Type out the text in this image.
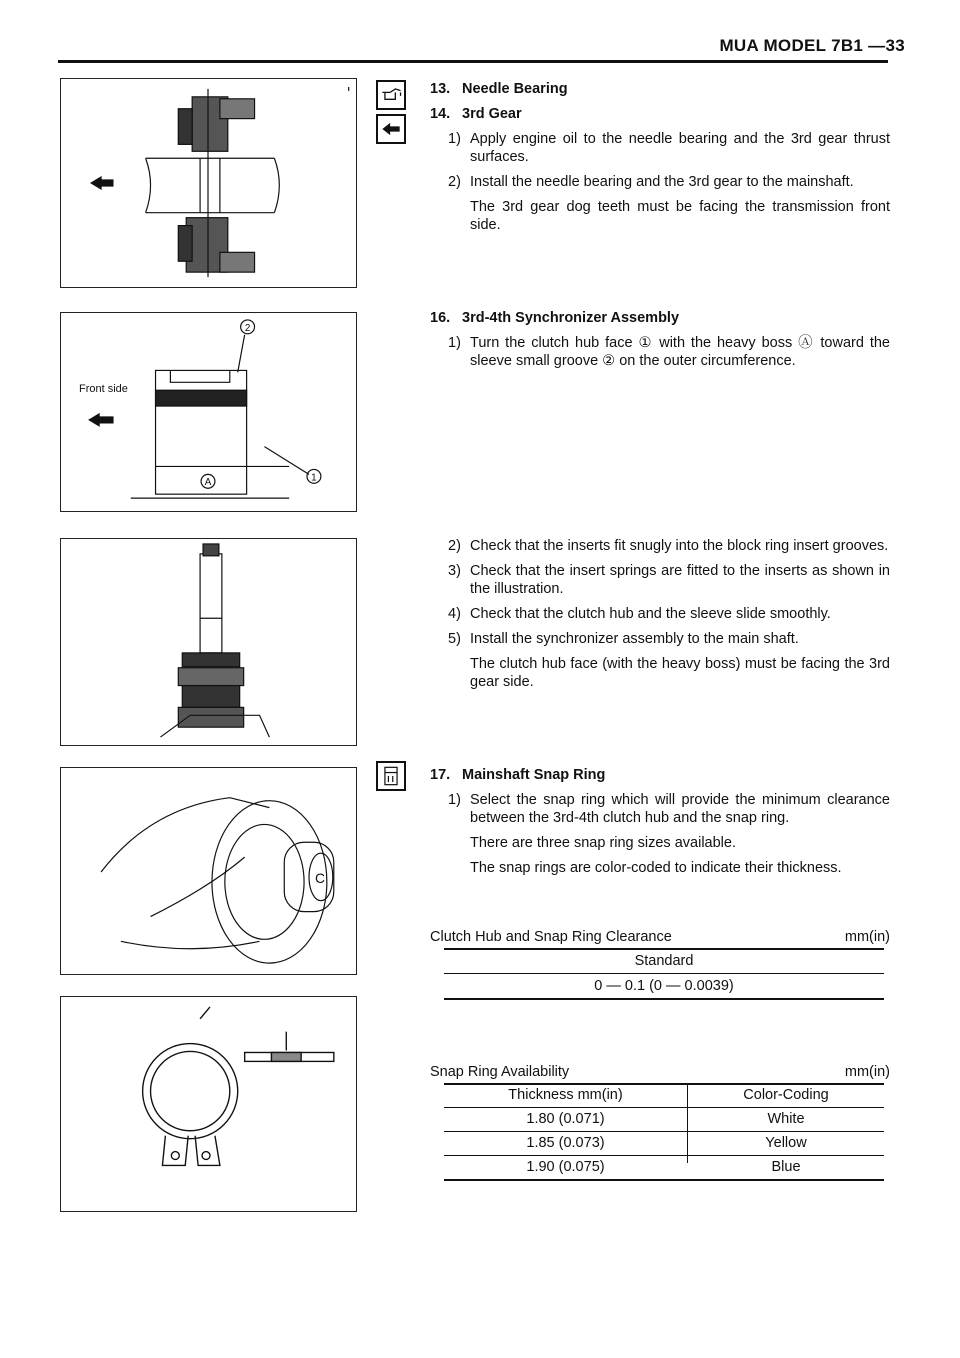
MUA MODEL 7B1 —33
2
A	1
Front side
C
13. Needle Bearing
14. 3rd Gear
1) Apply engine oil to the needle bearing and the 3rd gear thrust surfaces.
2) Install the needle bearing and the 3rd gear to the mainshaft.
The 3rd gear dog teeth must be facing the transmission front side.
16. 3rd-4th Synchronizer Assembly
1) Turn the clutch hub face ① with the heavy boss Ⓐ toward the sleeve small groove ② on the outer circumference.
2) Check that the inserts fit snugly into the block ring insert grooves.
3) Check that the insert springs are fitted to the inserts as shown in the illustration.
4) Check that the clutch hub and the sleeve slide smoothly.
5) Install the synchronizer assembly to the main shaft.
The clutch hub face (with the heavy boss) must be facing the 3rd gear side.
17. Mainshaft Snap Ring
1) Select the snap ring which will provide the minimum clearance between the 3rd-4th clutch hub and the snap ring.
There are three snap ring sizes available.
The snap rings are color-coded to indicate their thickness.
Clutch Hub and Snap Ring Clearance	mm(in)
Standard
0 — 0.1 (0 — 0.0039)
Snap Ring Availability	mm(in)
Thickness mm(in)	Color-Coding
1.80 (0.071)	White
1.85 (0.073)	Yellow
1.90 (0.075)	Blue
